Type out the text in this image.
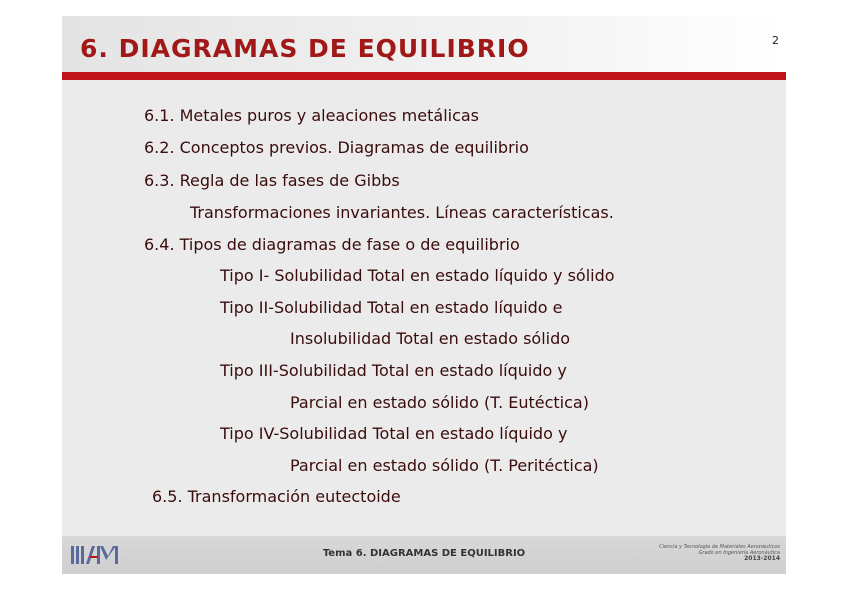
6. DIAGRAMAS DE EQUILIBRIO
6.1. Metales puros y aleaciones metálicas
6.2. Conceptos previos. Diagramas de equilibrio
6.3. Regla de las fases de Gibbs
Transformaciones invariantes. Líneas características.
6.4. Tipos de diagramas de fase o de equilibrio
Tipo I- Solubilidad Total en estado líquido y sólido
Tipo II-Solubilidad Total en estado líquido e
Insolubilidad Total en estado sólido
Tipo III-Solubilidad Total en estado líquido y
Parcial en estado sólido (T. Eutéctica)
Tipo IV-Solubilidad Total en estado líquido y
Parcial en estado sólido (T. Peritéctica)
6.5. Transformación eutectoide
Tema 6. DIAGRAMAS DE EQUILIBRIO
Ciencia y Tecnología de Materiales Aeronáuticos
Grado en Ingeniería Aeronáutica
2013-2014
2
